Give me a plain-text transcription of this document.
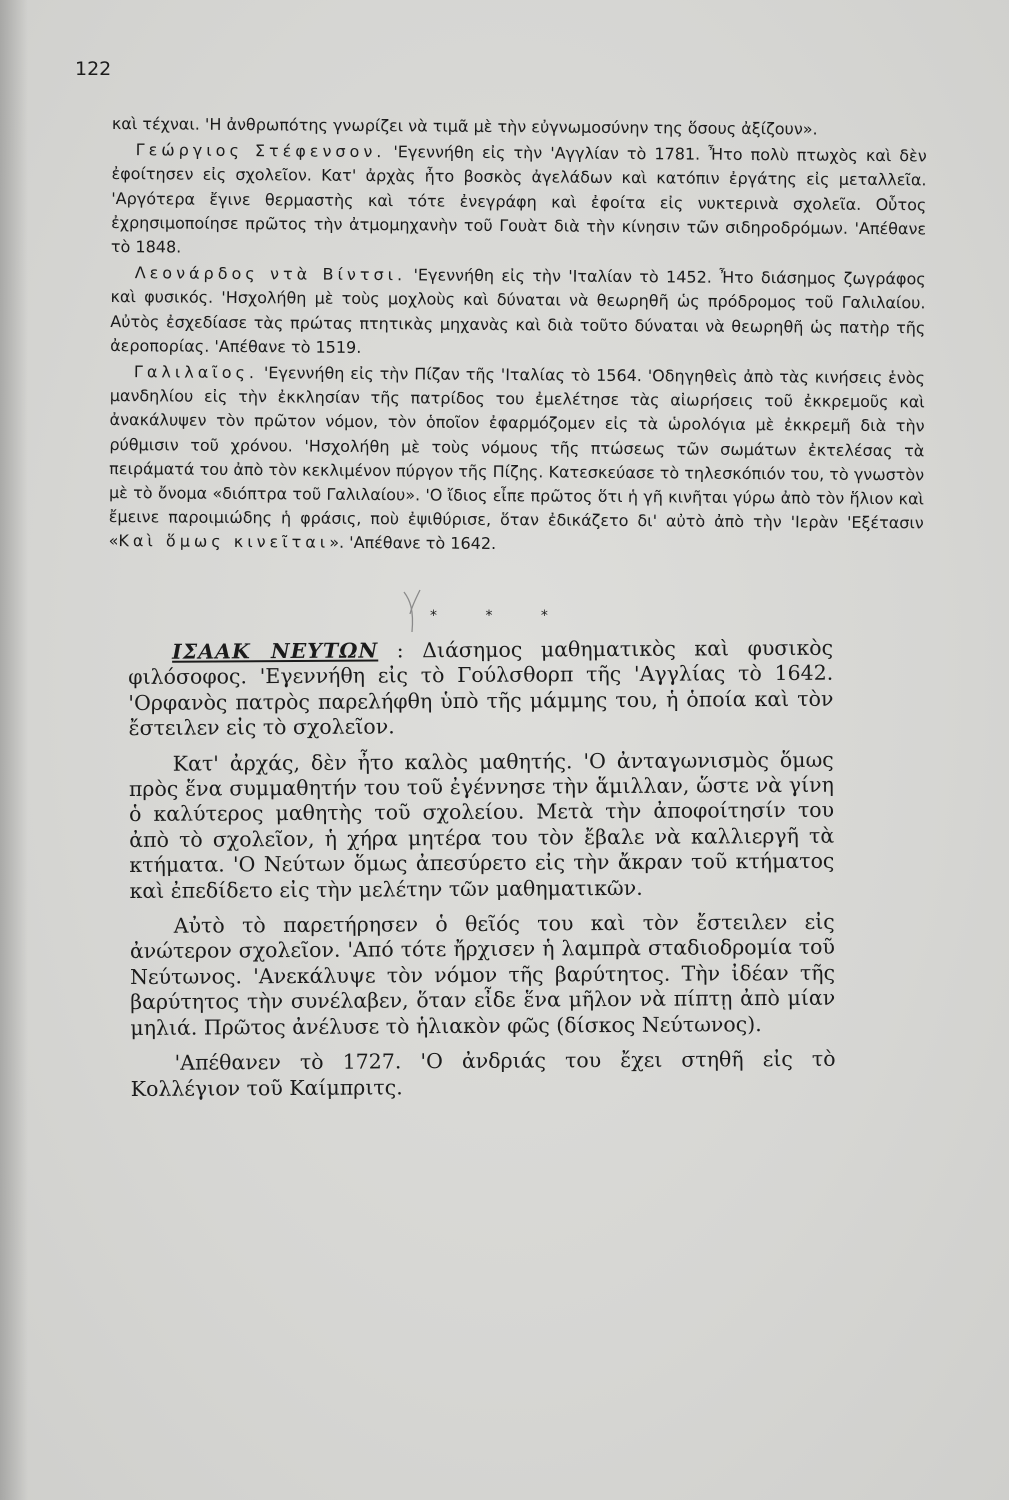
122

καὶ τέχναι. 'Η ἀνθρωπότης γνωρίζει νὰ τιμᾶ μὲ τὴν εὐγνωμοσύνην της ὅσους ἀξίζουν».

Γεώργιος Στέφενσον. 'Εγεννήθη εἰς τὴν 'Αγγλίαν τὸ 1781. Ἦτο πολὺ πτωχὸς καὶ δὲν ἐφοίτησεν εἰς σχολεῖον. Κατ' ἀρχὰς ἦτο βοσκὸς ἀγελάδων καὶ κατόπιν ἐργάτης εἰς μεταλλεῖα. 'Αργότερα ἔγινε θερμαστὴς καὶ τότε ἐνεγράφη καὶ ἐφοίτα εἰς νυκτερινὰ σχολεῖα. Οὗτος ἐχρησιμοποίησε πρῶτος τὴν ἀτμομηχανὴν τοῦ Γουὰτ διὰ τὴν κίνησιν τῶν σιδηροδρόμων. 'Απέθανε τὸ 1848.

Λεονάρδος ντὰ Βίντσι. 'Εγεννήθη εἰς τὴν 'Ιταλίαν τὸ 1452. Ἦτο διάσημος ζωγράφος καὶ φυσικός. 'Ησχολήθη μὲ τοὺς μοχλοὺς καὶ δύναται νὰ θεωρηθῆ ὡς πρόδρομος τοῦ Γαλιλαίου. Αὐτὸς ἐσχεδίασε τὰς πρώτας πτητικὰς μηχανὰς καὶ διὰ τοῦτο δύναται νὰ θεωρηθῆ ὡς πατὴρ τῆς ἀεροπορίας. 'Απέθανε τὸ 1519.

Γαλιλαῖος. 'Εγεννήθη εἰς τὴν Πίζαν τῆς 'Ιταλίας τὸ 1564. 'Οδηγηθεὶς ἀπὸ τὰς κινήσεις ἑνὸς μανδηλίου εἰς τὴν ἐκκλησίαν τῆς πατρίδος του ἐμελέτησε τὰς αἰωρήσεις τοῦ ἐκκρεμοῦς καὶ ἀνακάλυψεν τὸν πρῶτον νόμον, τὸν ὁποῖον ἐφαρμόζομεν εἰς τὰ ὡρολόγια μὲ ἐκκρεμῆ διὰ τὴν ρύθμισιν τοῦ χρόνου. 'Ησχολήθη μὲ τοὺς νόμους τῆς πτώσεως τῶν σωμάτων ἐκτελέσας τὰ πειράματά του ἀπὸ τὸν κεκλιμένον πύργον τῆς Πίζης. Κατεσκεύασε τὸ τηλεσκόπιόν του, τὸ γνωστὸν μὲ τὸ ὄνομα «διόπτρα τοῦ Γαλιλαίου». 'Ο ἴδιος εἶπε πρῶτος ὅτι ἡ γῆ κινῆται γύρω ἀπὸ τὸν ἥλιον καὶ ἔμεινε παροιμιώδης ἡ φράσις, ποὺ ἐψιθύρισε, ὅταν ἐδικάζετο δι' αὐτὸ ἀπὸ τὴν 'Ιερὰν 'Εξέτασιν «Καὶ ὅμως κινεῖται». 'Απέθανε τὸ 1642.

* * *

ΙΣΑΑΚ ΝΕΥΤΩΝ : Διάσημος μαθηματικὸς καὶ φυσικὸς φιλόσοφος. 'Εγεννήθη εἰς τὸ Γούλσθορπ τῆς 'Αγγλίας τὸ 1642. 'Ορφανὸς πατρὸς παρελήφθη ὑπὸ τῆς μάμμης του, ἡ ὁποία καὶ τὸν ἔστειλεν εἰς τὸ σχολεῖον.

Κατ' ἀρχάς, δὲν ἦτο καλὸς μαθητής. 'Ο ἀνταγωνισμὸς ὅμως πρὸς ἕνα συμμαθητήν του τοῦ ἐγέννησε τὴν ἅμιλλαν, ὥστε νὰ γίνη ὁ καλύτερος μαθητὴς τοῦ σχολείου. Μετὰ τὴν ἀποφοίτησίν του ἀπὸ τὸ σχολεῖον, ἡ χήρα μητέρα του τὸν ἔβαλε νὰ καλλιεργῆ τὰ κτήματα. 'Ο Νεύτων ὅμως ἀπεσύρετο εἰς τὴν ἄκραν τοῦ κτήματος καὶ ἐπεδίδετο εἰς τὴν μελέτην τῶν μαθηματικῶν.

Αὐτὸ τὸ παρετήρησεν ὁ θεῖός του καὶ τὸν ἔστειλεν εἰς ἀνώτερον σχολεῖον. 'Από τότε ἤρχισεν ἡ λαμπρὰ σταδιοδρομία τοῦ Νεύτωνος. 'Ανεκάλυψε τὸν νόμον τῆς βαρύτητος. Τὴν ἰδέαν τῆς βαρύτητος τὴν συνέλαβεν, ὅταν εἶδε ἕνα μῆλον νὰ πίπτῃ ἀπὸ μίαν μηλιά. Πρῶτος ἀνέλυσε τὸ ἡλιακὸν φῶς (δίσκος Νεύτωνος).

'Απέθανεν τὸ 1727. 'Ο ἀνδριάς του ἔχει στηθῆ εἰς τὸ Κολλέγιον τοῦ Καίμπριτς.
